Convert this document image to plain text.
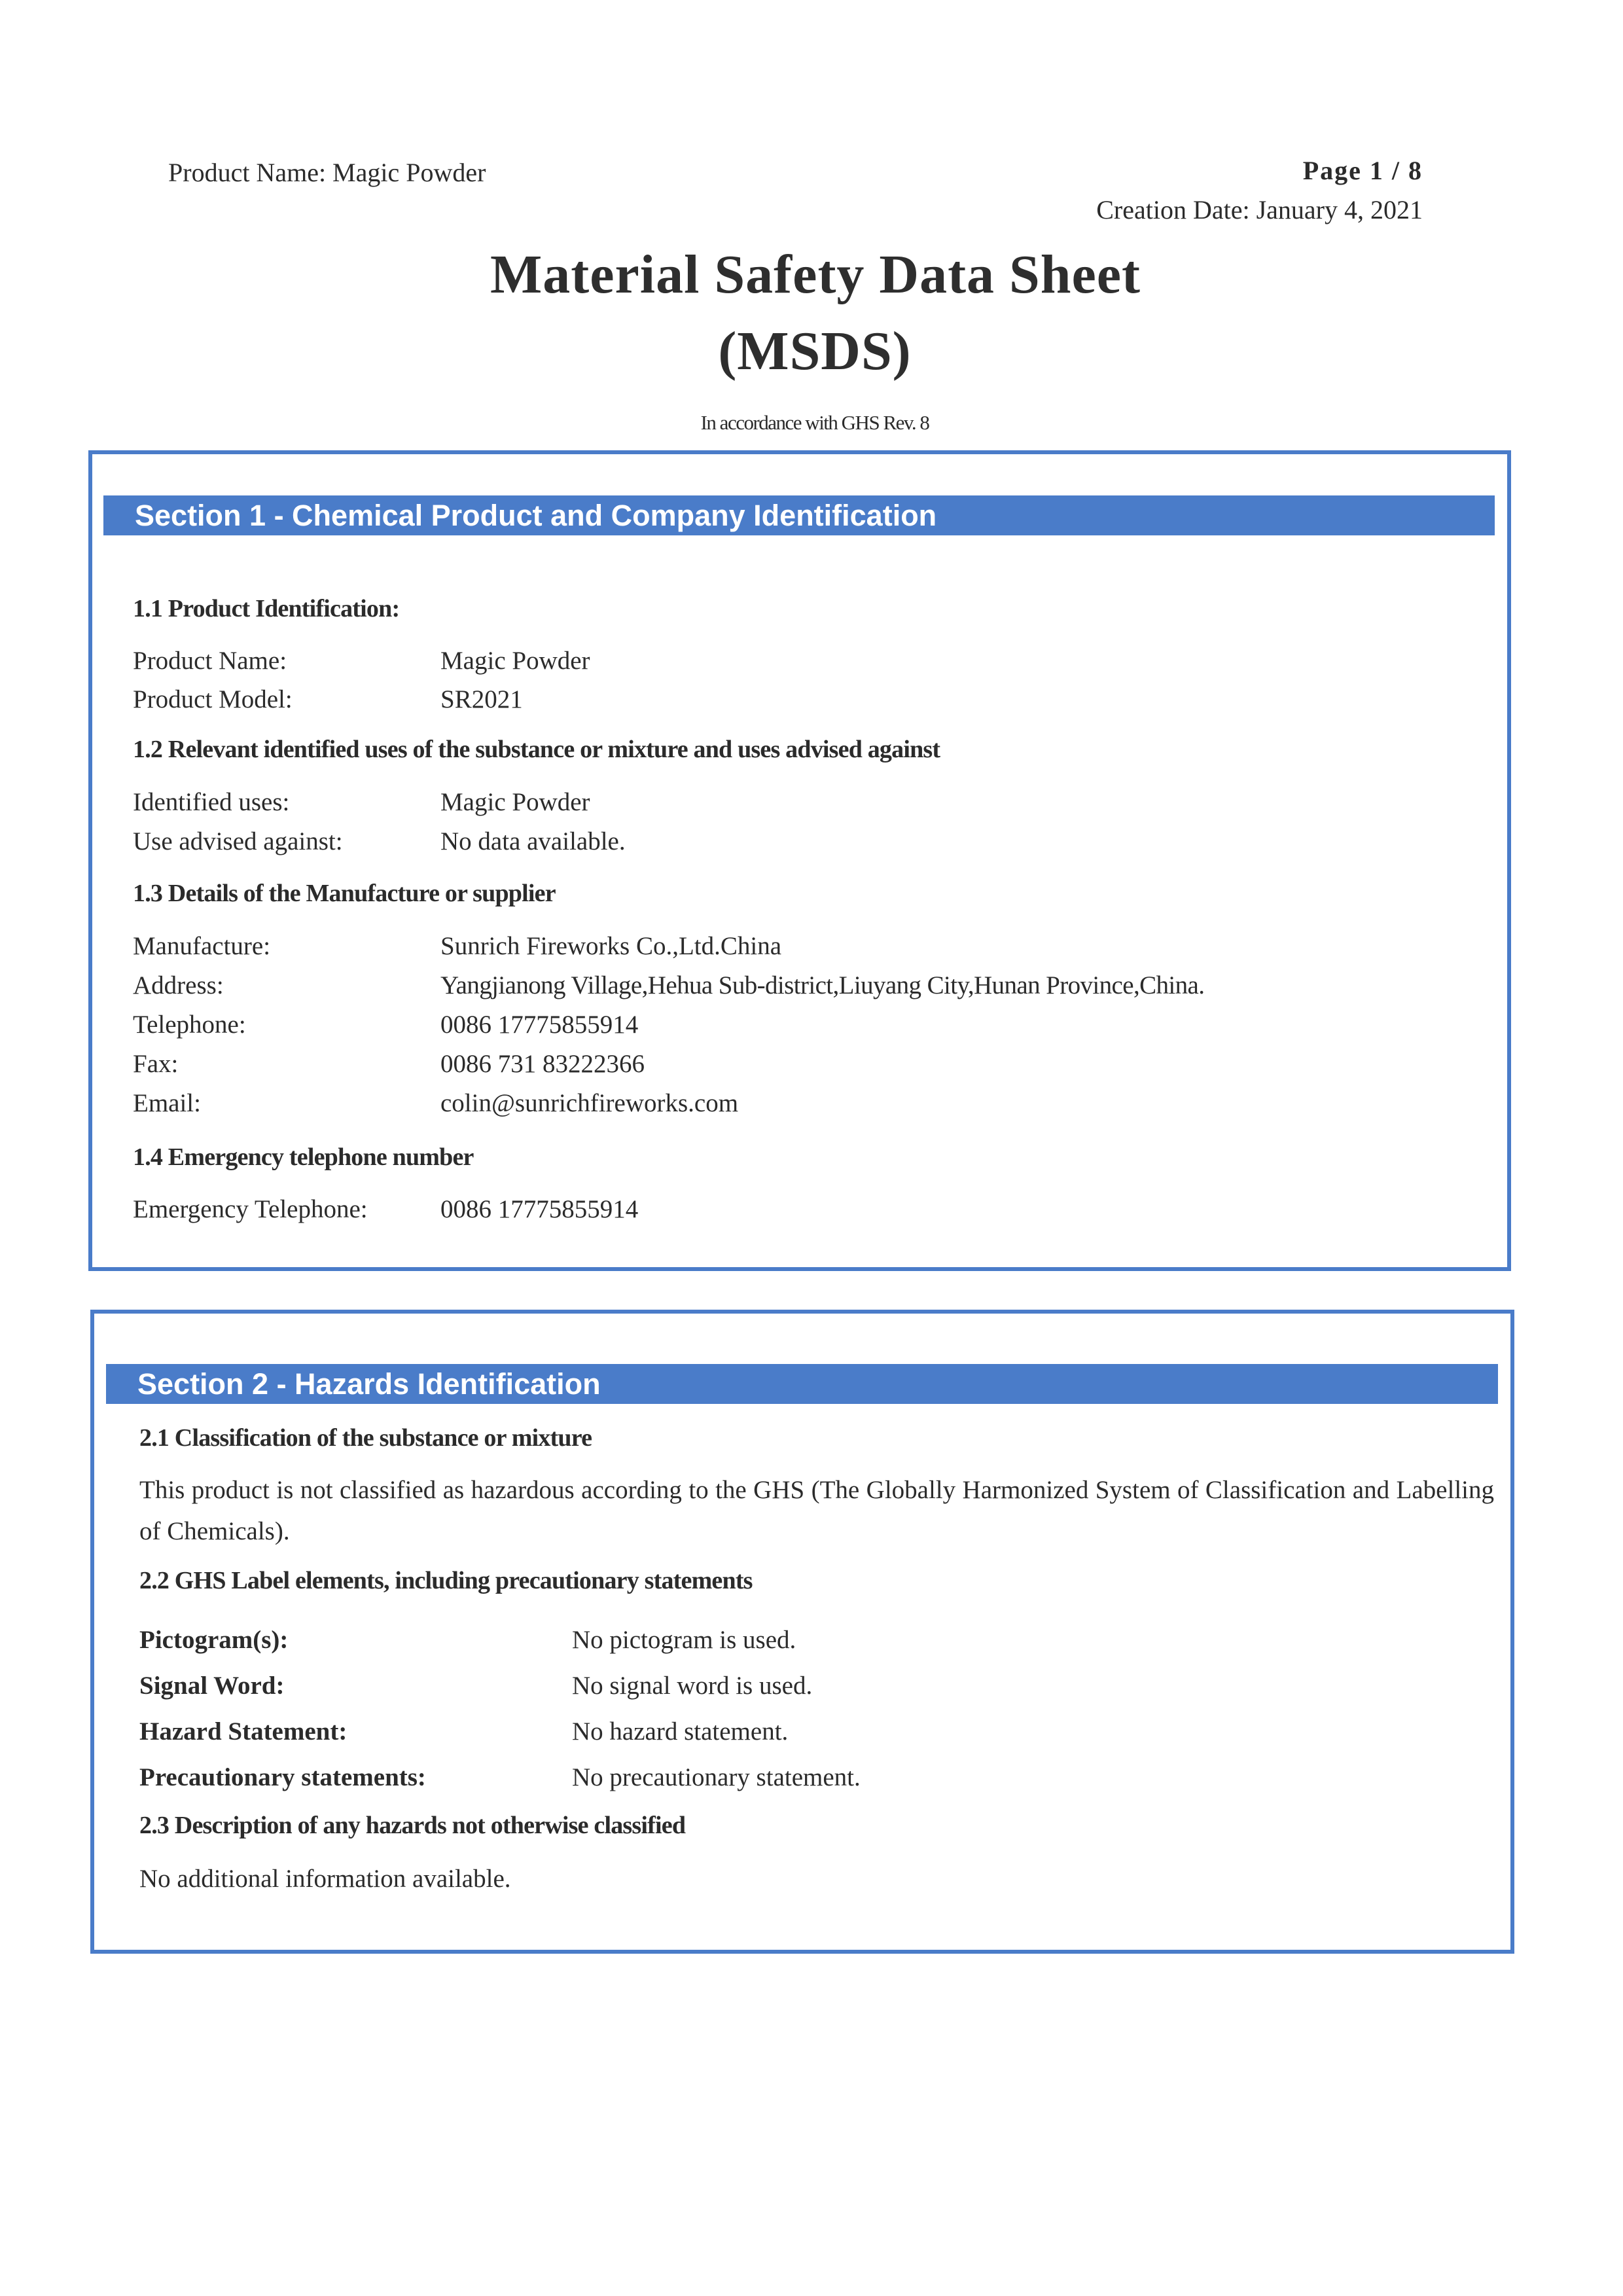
Product Name: Magic Powder	Page 1 / 8
Creation Date: January 4, 2021
Material Safety Data Sheet
(MSDS)
In accordance with GHS Rev. 8
Section 1 - Chemical Product and Company Identification
1.1 Product Identification:
Product Name:	Magic Powder
Product Model:	SR2021
1.2 Relevant identified uses of the substance or mixture and uses advised against
Identified uses:	Magic Powder
Use advised against:	No data available.
1.3 Details of the Manufacture or supplier
Manufacture:	Sunrich Fireworks Co.,Ltd.China
Address:	Yangjianong Village,Hehua Sub-district,Liuyang City,Hunan Province,China.
Telephone:	0086 17775855914
Fax:	0086 731 83222366
Email:	colin@sunrichfireworks.com
1.4 Emergency telephone number
Emergency Telephone:	0086 17775855914
Section 2 - Hazards Identification
2.1 Classification of the substance or mixture
This product is not classified as hazardous according to the GHS (The Globally Harmonized System of Classification and Labelling of Chemicals).
2.2 GHS Label elements, including precautionary statements
Pictogram(s):	No pictogram is used.
Signal Word:	No signal word is used.
Hazard Statement:	No hazard statement.
Precautionary statements:	No precautionary statement.
2.3 Description of any hazards not otherwise classified
No additional information available.
